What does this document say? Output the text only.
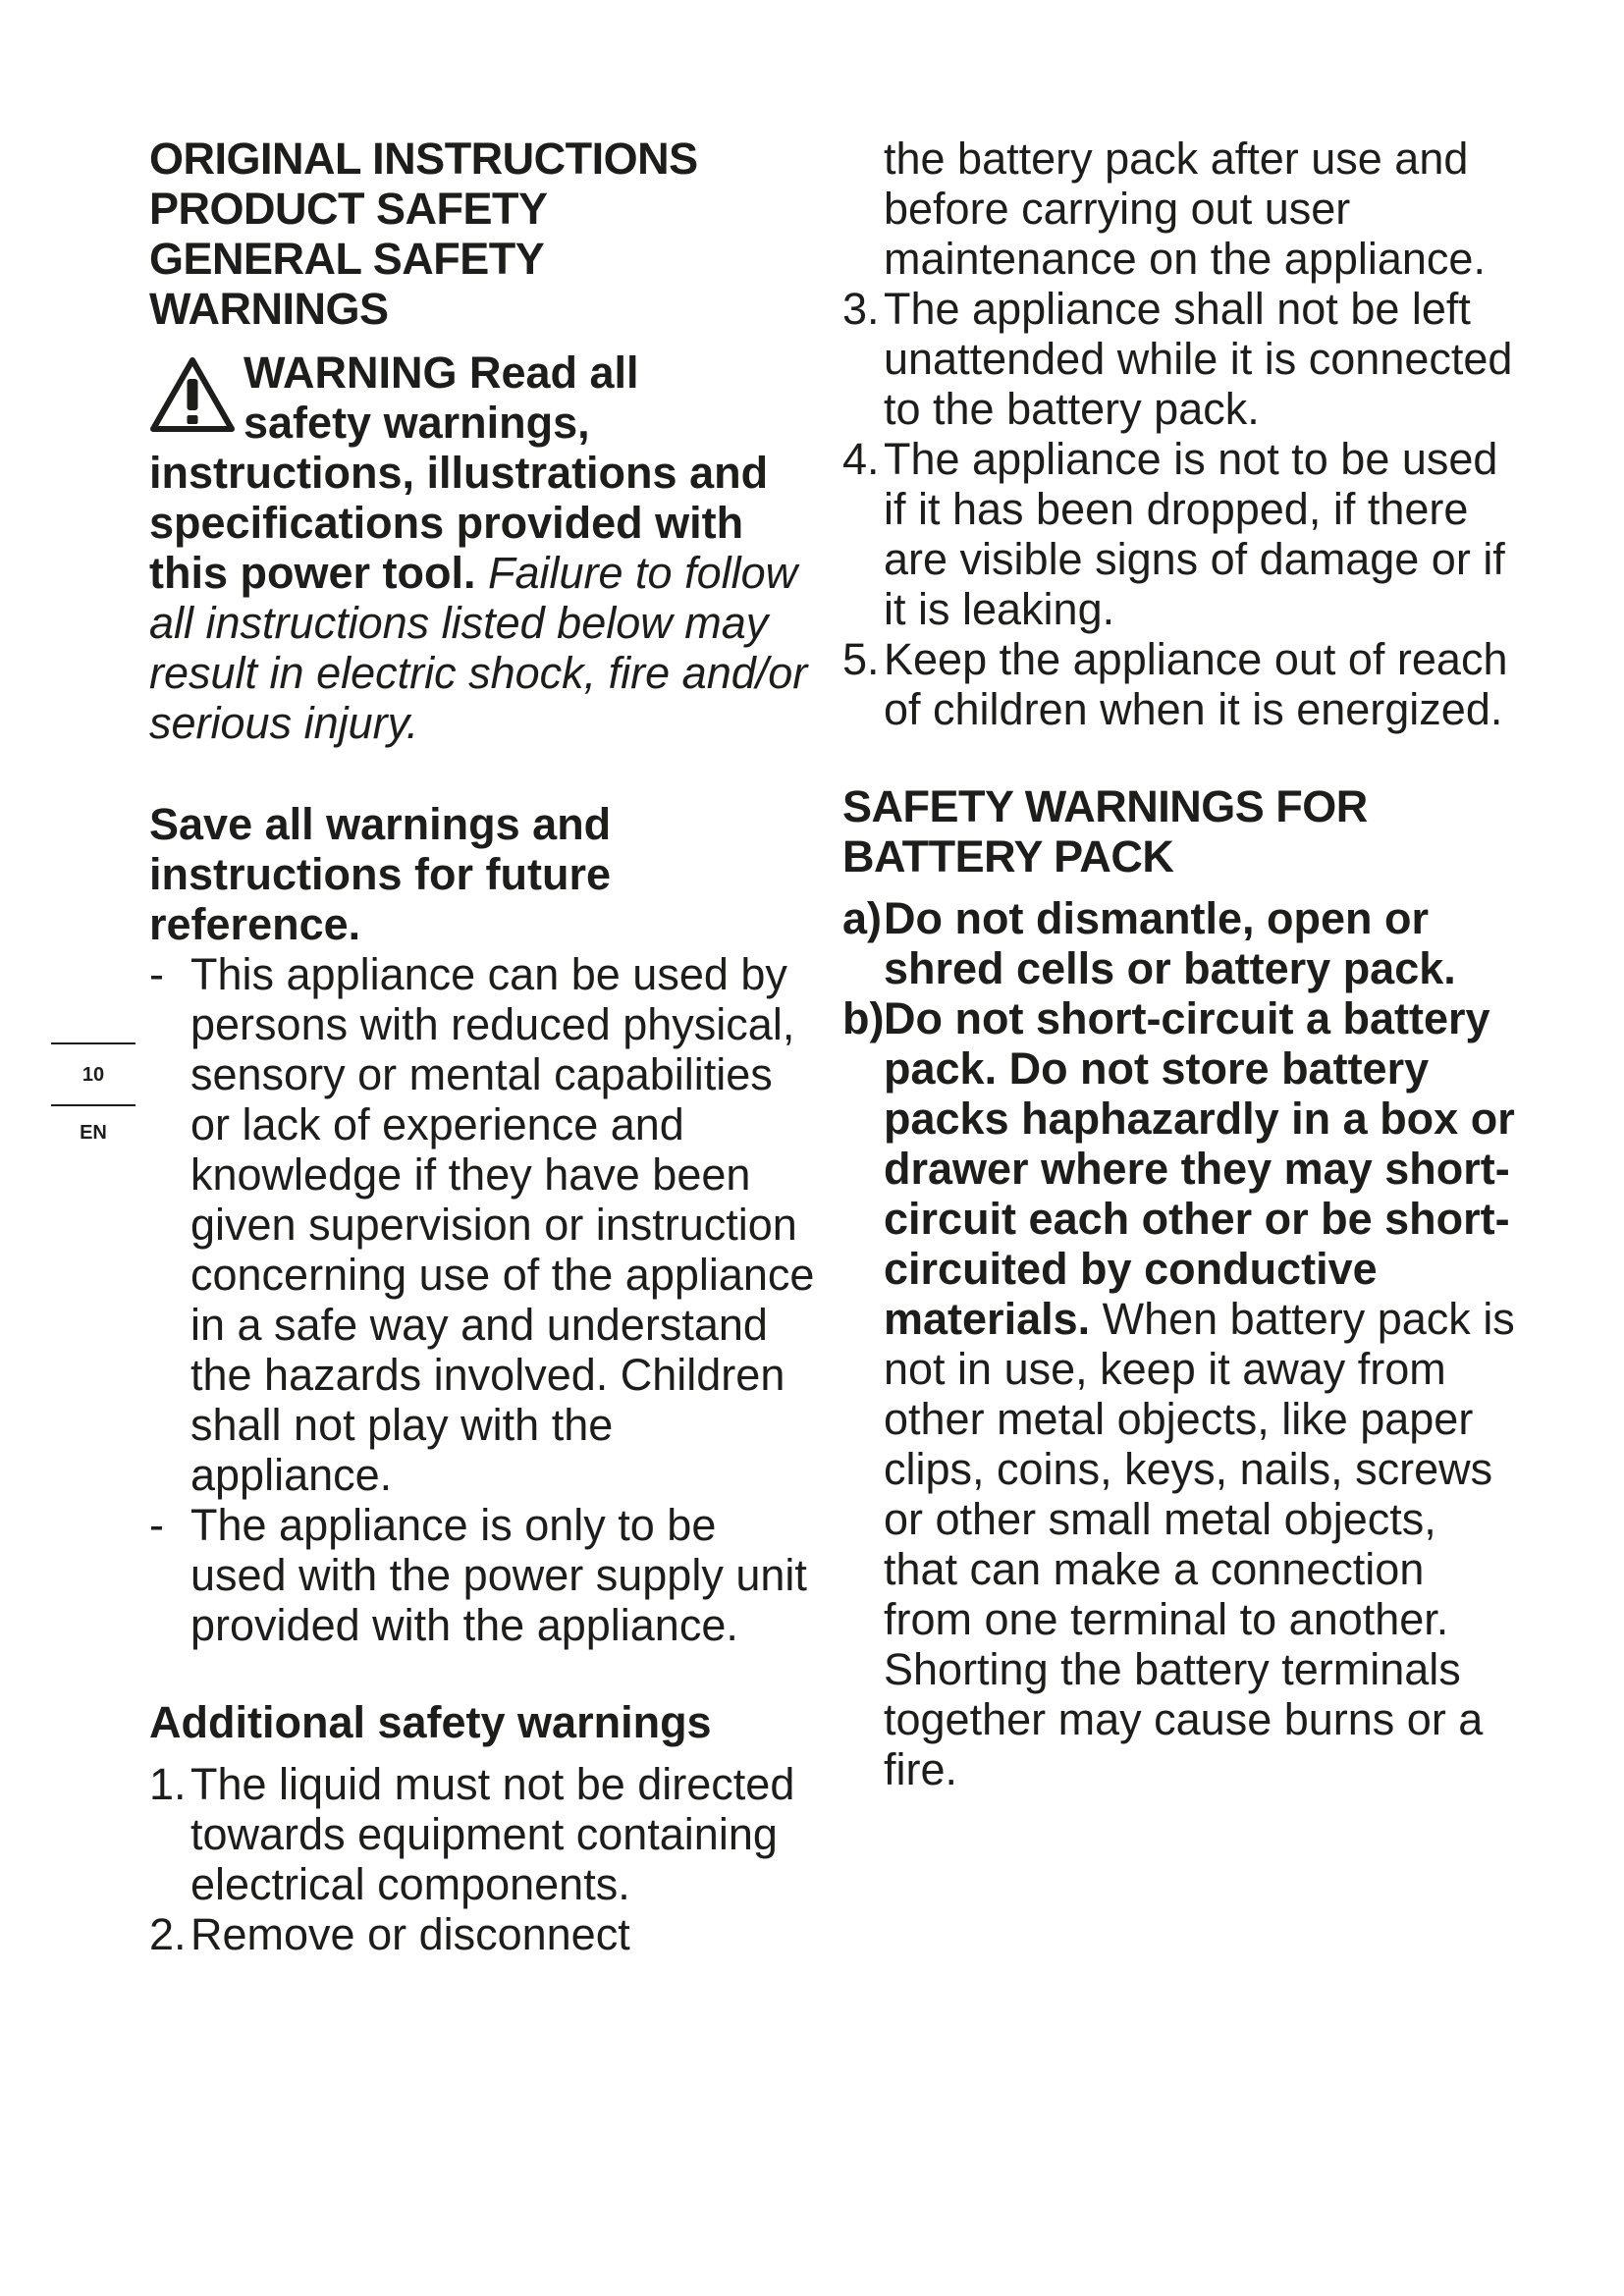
10
EN
ORIGINAL INSTRUCTIONS
PRODUCT SAFETY
GENERAL SAFETY
WARNINGS
WARNING Read all
safety warnings,

instructions, illustrations and specifications provided with this power tool. Failure to follow all instructions listed below may result in electric shock, fire and/or serious injury.

Save all warnings and instructions for future reference.

- This appliance can be used by persons with reduced physical, sensory or mental capabilities or lack of experience and knowledge if they have been given supervision or instruction concerning use of the appliance in a safe way and understand the hazards involved. Children shall not play with the appliance.
- The appliance is only to be used with the power supply unit provided with the appliance.

Additional safety warnings

1. The liquid must not be directed towards equipment containing electrical components.
2. Remove or disconnect

the battery pack after use and before carrying out user maintenance on the appliance.

3. The appliance shall not be left unattended while it is connected to the battery pack.
4. The appliance is not to be used if it has been dropped, if there are visible signs of damage or if it is leaking.
5. Keep the appliance out of reach of children when it is energized.

SAFETY WARNINGS FOR BATTERY PACK

a) Do not dismantle, open or shred cells or battery pack.
b) Do not short-circuit a battery pack. Do not store battery packs haphazardly in a box or drawer where they may short-circuit each other or be short-circuited by conductive materials. When battery pack is not in use, keep it away from other metal objects, like paper clips, coins, keys, nails, screws or other small metal objects, that can make a connection from one terminal to another. Shorting the battery terminals together may cause burns or a fire.
